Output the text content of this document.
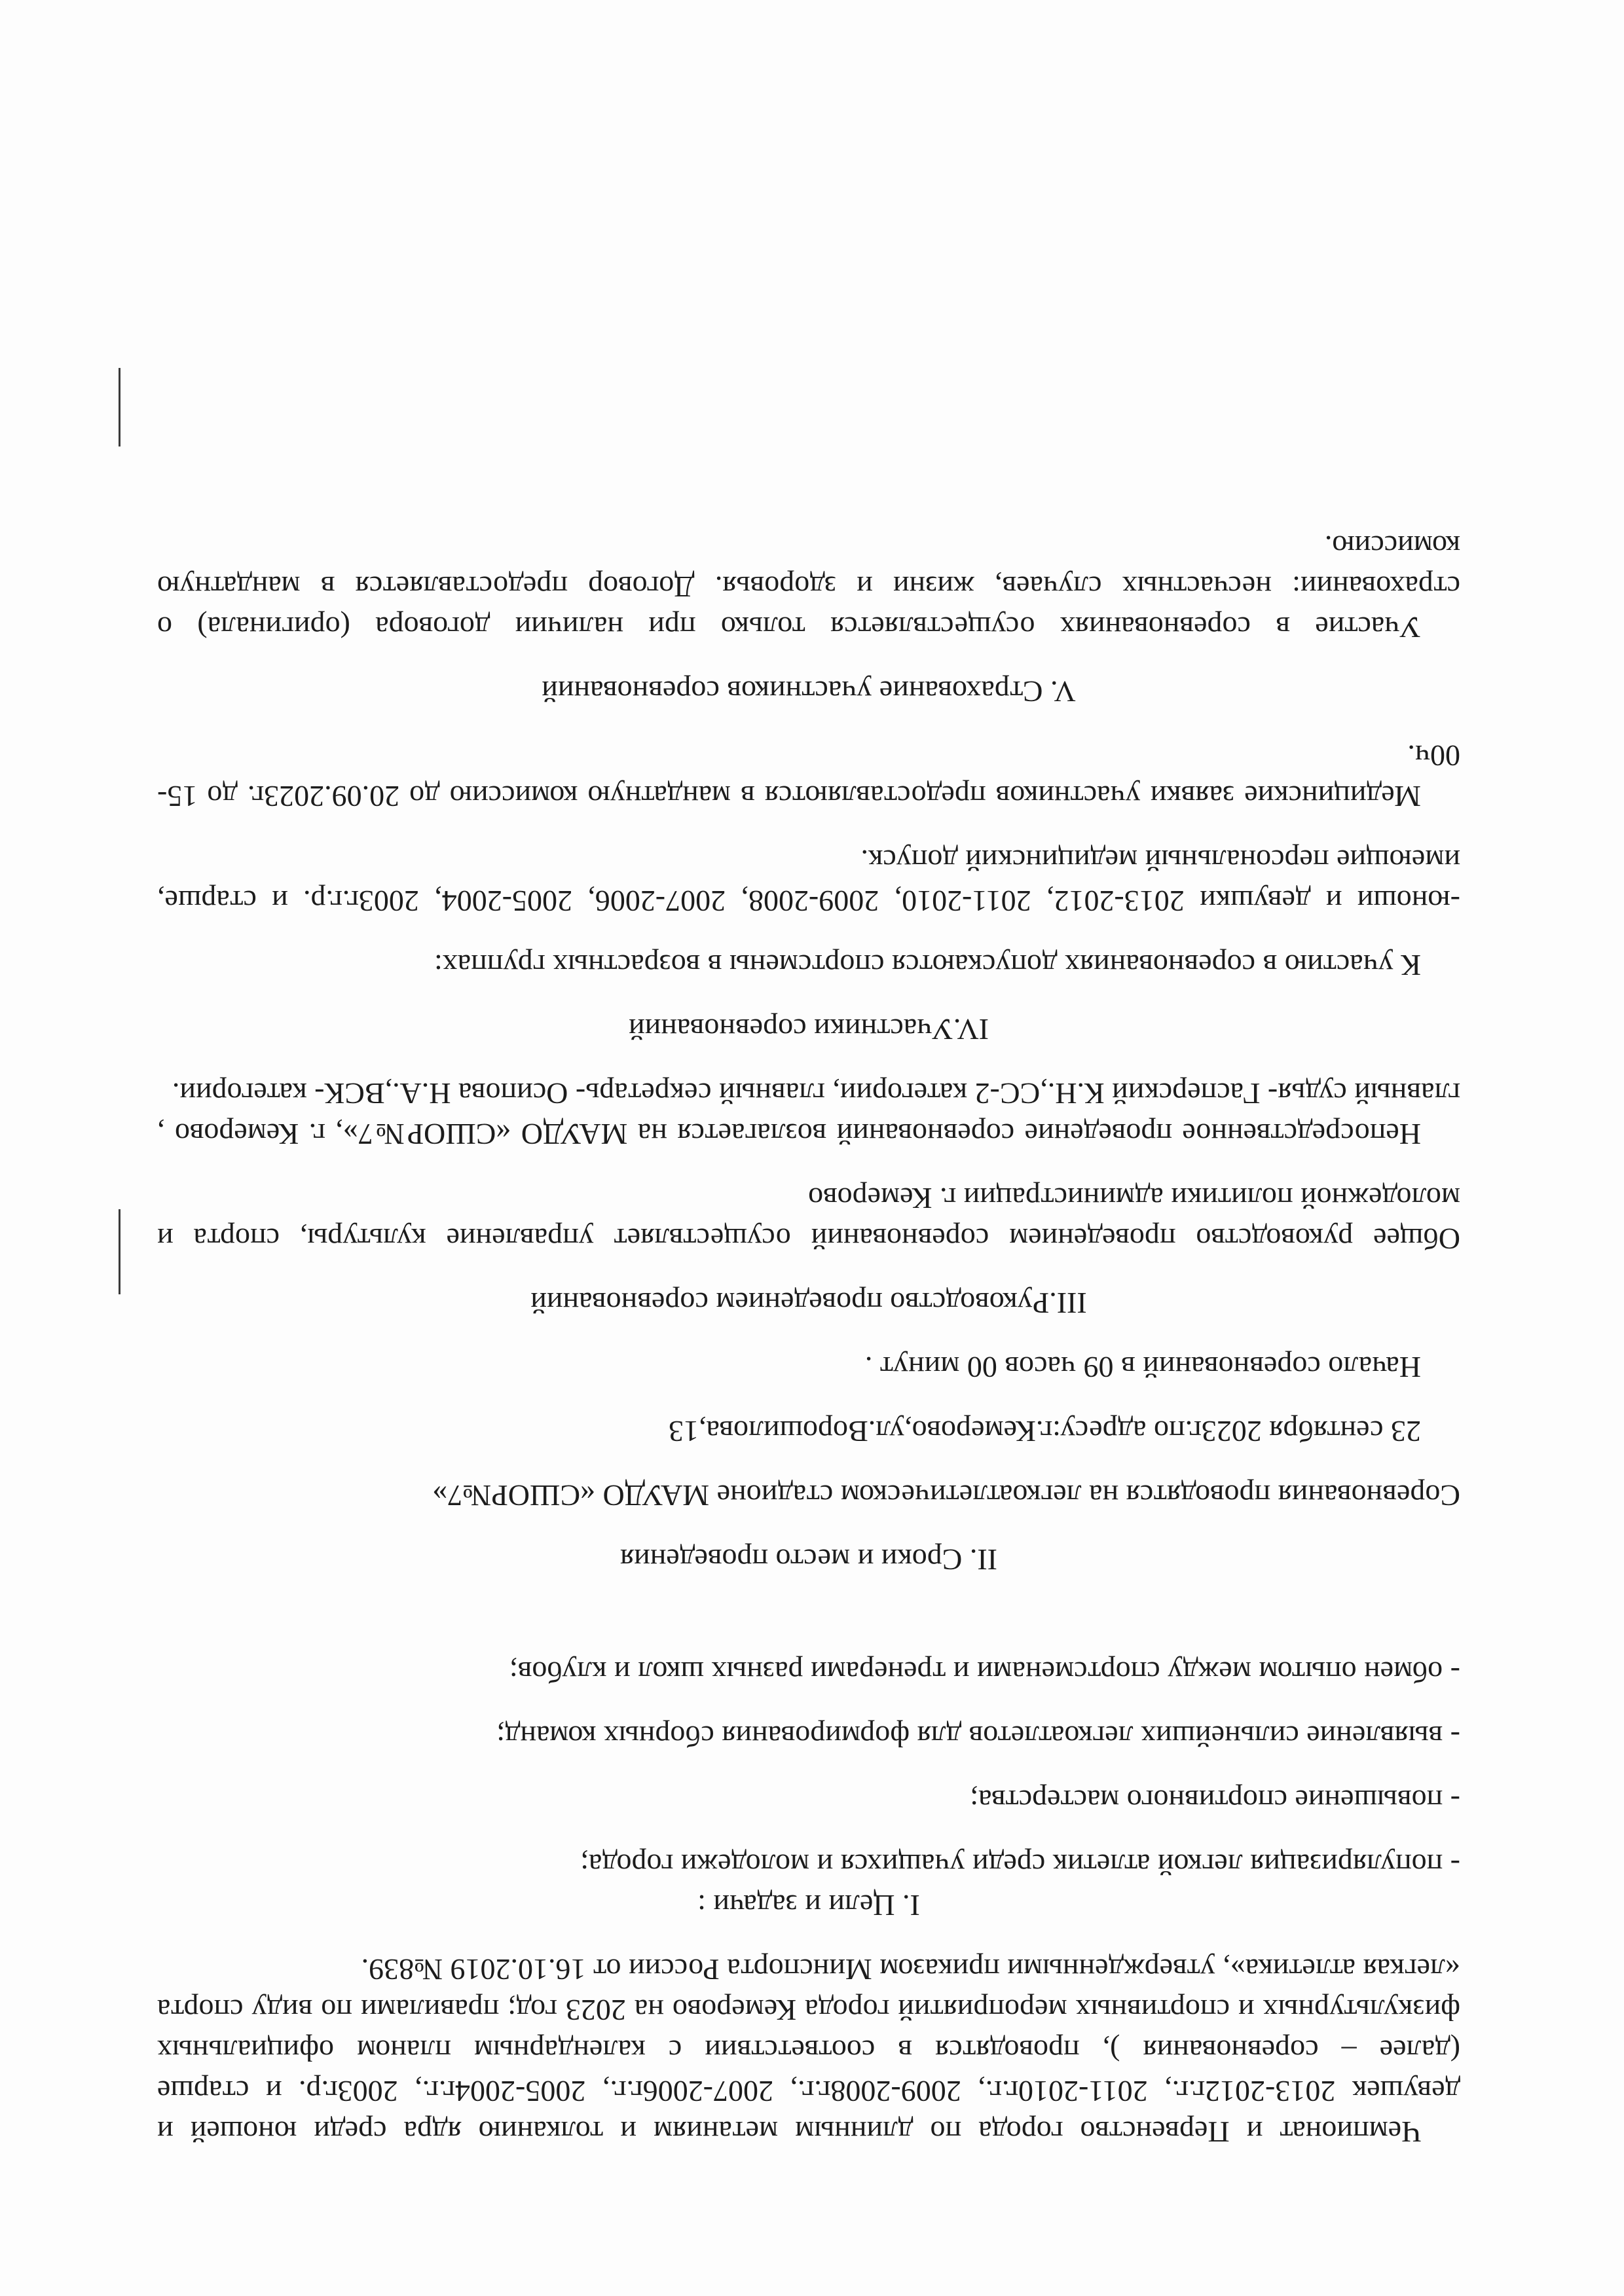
Чемпионат и Первенство города по длинным метаниям и толканию ядра среди юношей и девушек 2013-2012г.г., 2011-2010г.г., 2009-2008г.г., 2007-2006г.г., 2005-2004г.г., 2003г.р. и старше (далее – соревнования ), проводятся в соответствии с календарным планом официальных физкультурных и спортивных мероприятий города Кемерово на 2023 год; правилами по виду спорта «легкая атлетика», утвержденными приказом Минспорта России от 16.10.2019 №839.

I. Цели и задачи :

- популяризация легкой атлетик среди учащихся и молодежи города;
- повышение спортивного мастерства;
- выявление сильнейших легкоатлетов для формирования сборных команд;
- обмен опытом между спортсменами и тренерами разных школ и клубов;

II. Сроки и место проведения

Соревнования проводятся на легкоатлетическом стадионе МАУДО «СШОР№7»

23 сентября 2023г.по адресу:г.Кемерово,ул.Ворошилова,13

Начало соревнований в 09 часов 00 минут .

III.Руководство проведением соревнований

Общее руководство проведением соревнований осуществляет управление культуры, спорта и молодежной политики администрации г. Кемерово

Непосредственное проведение соревнований возлагается на МАУДО «СШОР№7», г. Кемерово , главный судья- Гасперский К.Н.,СС-2 категории, главный секретарь- Осипова Н.А.,ВСК- категории.

IV.Участники соревнований

К участию в соревнованиях допускаются спортсмены в возрастных группах:

-юноши и девушки 2013-2012, 2011-2010, 2009-2008, 2007-2006, 2005-2004, 2003г.г.р. и старше, имеющие персональный медицинский допуск.

Медицинские заявки участников предоставляются в мандатную комиссию до 20.09.2023г. до 15-00ч.

V. Страхование участников соревнований

Участие в соревнованиях осуществляется только при наличии договора (оригинала) о страховании: несчастных случаев, жизни и здоровья. Договор предоставляется в мандатную комиссию.
